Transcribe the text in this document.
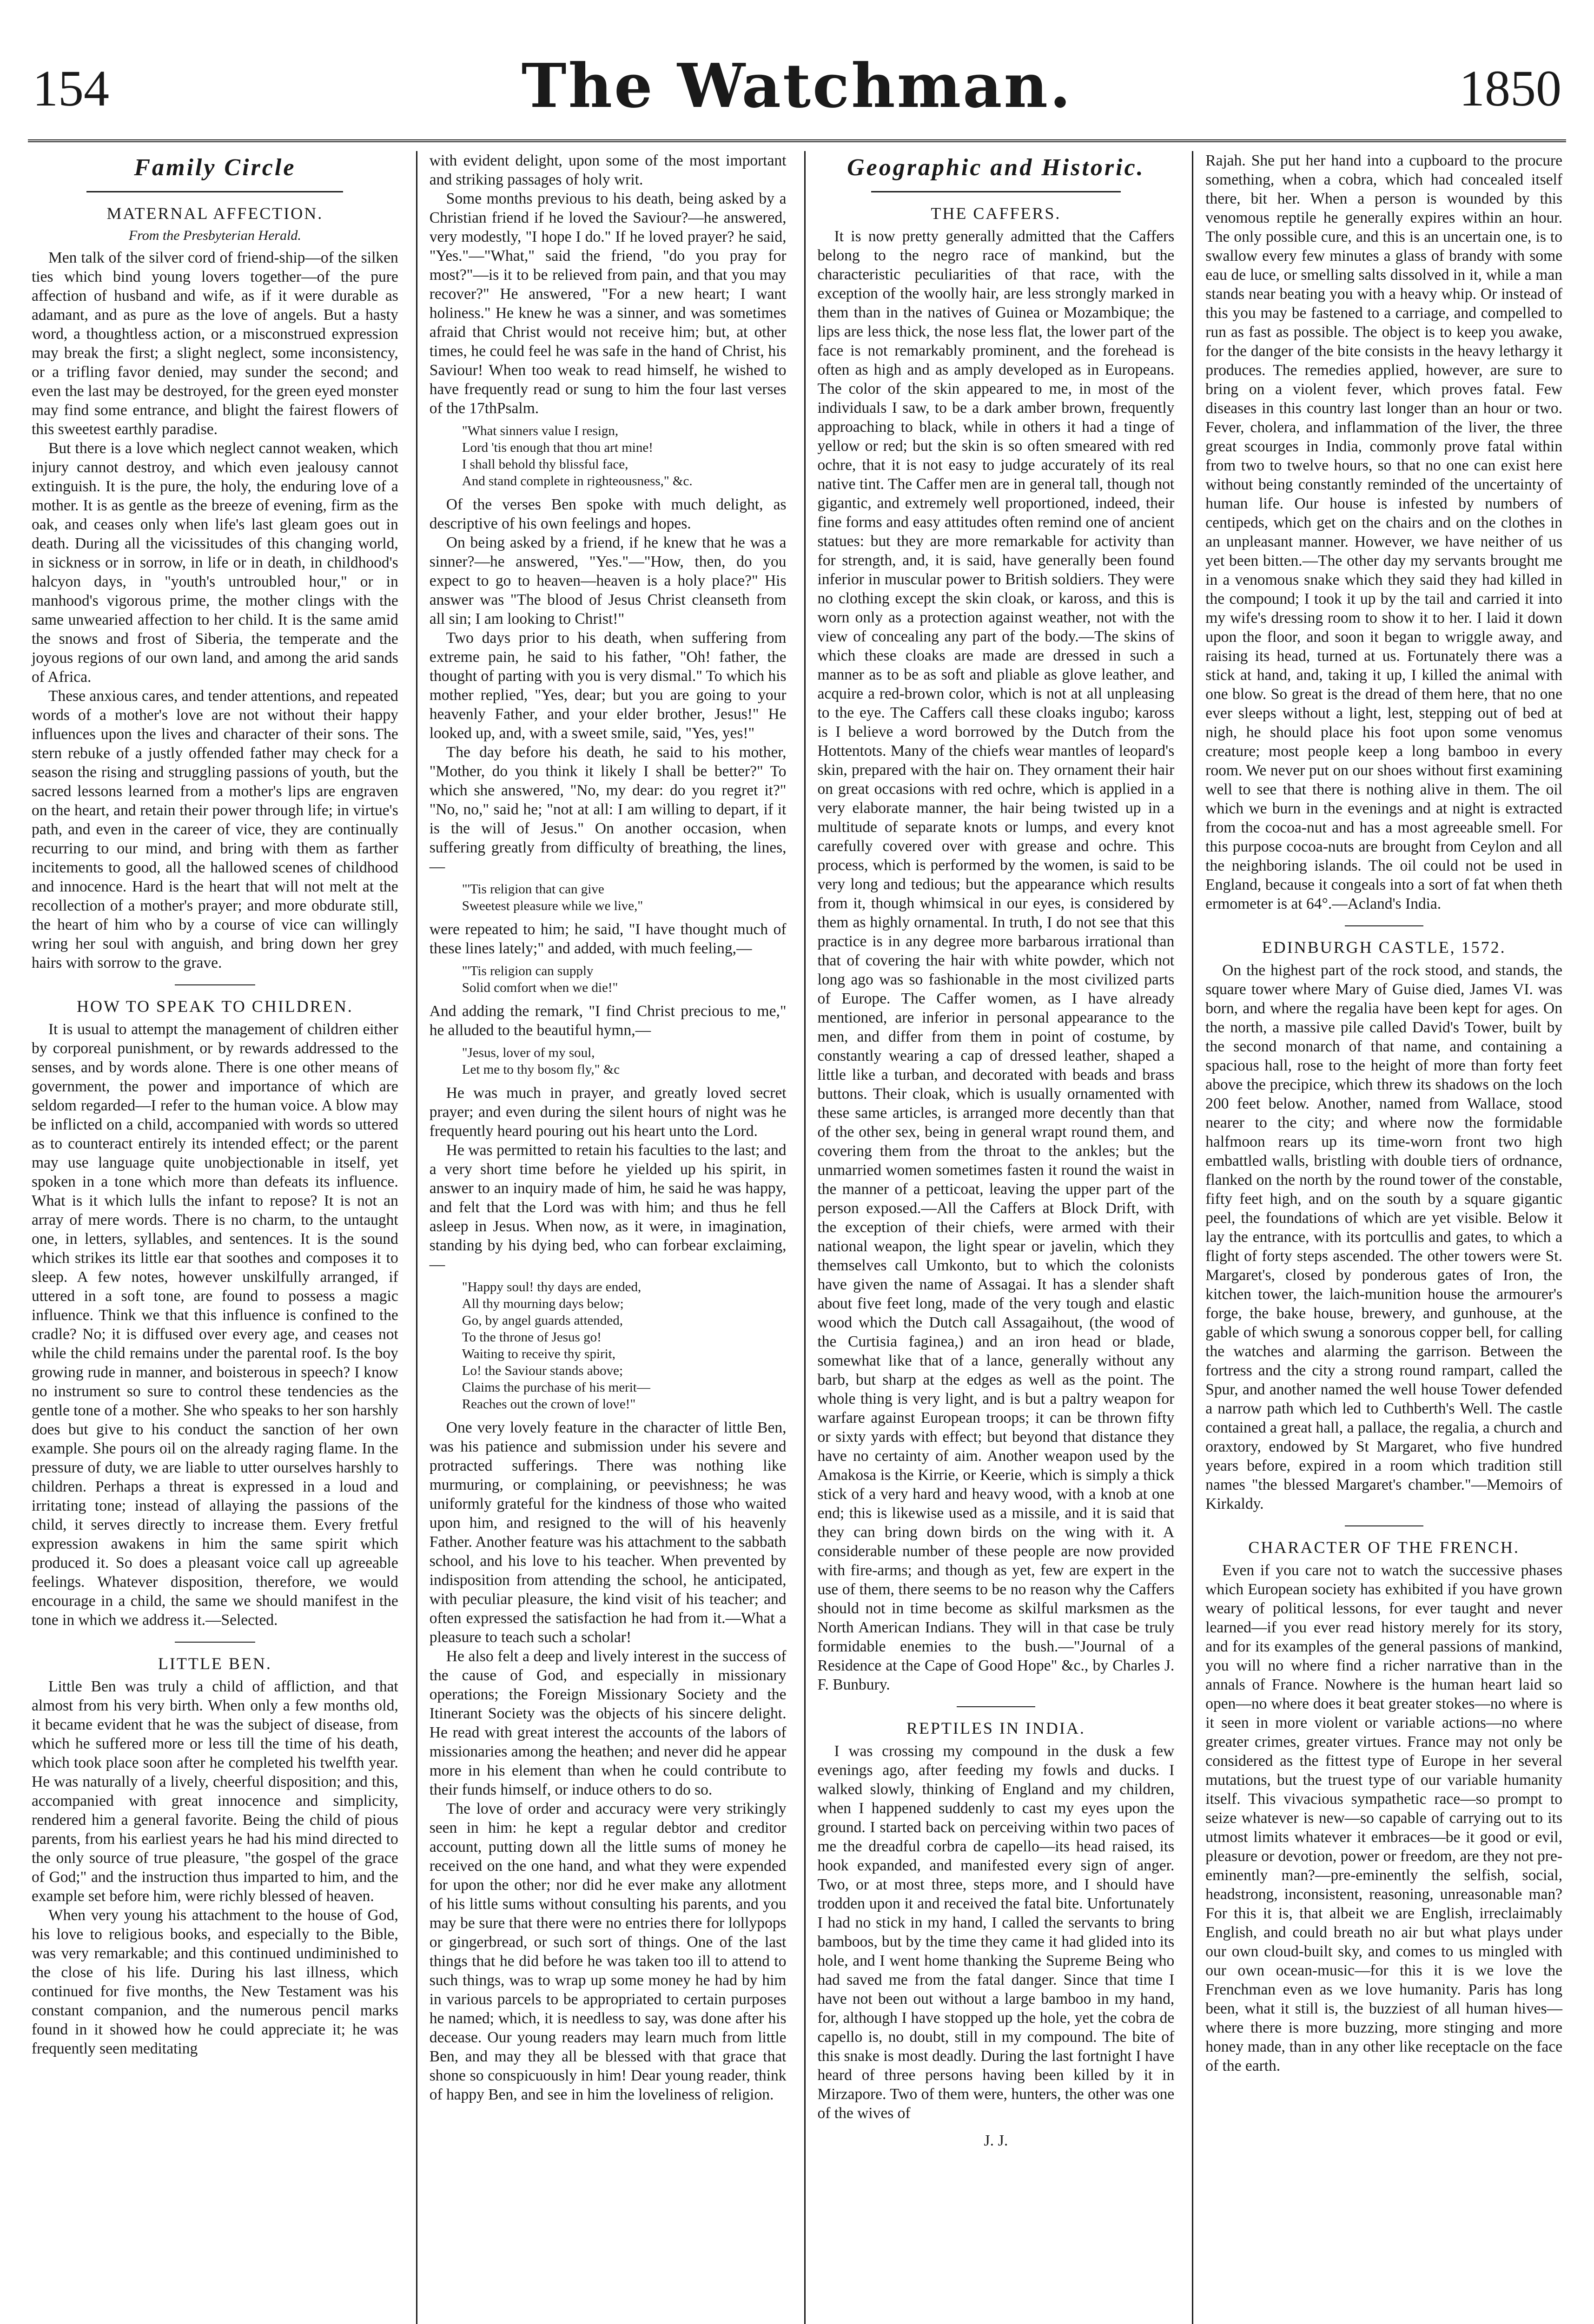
154	The Watchman.	1850
Family Circle
MATERNAL AFFECTION.
From the Presbyterian Herald.

Men talk of the silver cord of friend-ship—of the silken ties which bind young lovers together—of the pure affection of husband and wife, as if it were durable as adamant, and as pure as the love of angels. But a hasty word, a thoughtless action, or a misconstrued expression may break the first; a slight neglect, some inconsistency, or a trifling favor denied, may sunder the second; and even the last may be destroyed, for the green eyed monster may find some entrance, and blight the fairest flowers of this sweetest earthly paradise.

But there is a love which neglect cannot weaken, which injury cannot destroy, and which even jealousy cannot extinguish. It is the pure, the holy, the enduring love of a mother. It is as gentle as the breeze of evening, firm as the oak, and ceases only when life's last gleam goes out in death. During all the vicissitudes of this changing world, in sickness or in sorrow, in life or in death, in childhood's halcyon days, in "youth's untroubled hour," or in manhood's vigorous prime, the mother clings with the same unwearied affection to her child. It is the same amid the snows and frost of Siberia, the temperate and the joyous regions of our own land, and among the arid sands of Africa.

These anxious cares, and tender attentions, and repeated words of a mother's love are not without their happy influences upon the lives and character of their sons. The stern rebuke of a justly offended father may check for a season the rising and struggling passions of youth, but the sacred lessons learned from a mother's lips are engraven on the heart, and retain their power through life; in virtue's path, and even in the career of vice, they are continually recurring to our mind, and bring with them as farther incitements to good, all the hallowed scenes of childhood and innocence. Hard is the heart that will not melt at the recollection of a mother's prayer; and more obdurate still, the heart of him who by a course of vice can willingly wring her soul with anguish, and bring down her grey hairs with sorrow to the grave.

HOW TO SPEAK TO CHILDREN.

It is usual to attempt the management of children either by corporeal punishment, or by rewards addressed to the senses, and by words alone. There is one other means of government, the power and importance of which are seldom regarded—I refer to the human voice. A blow may be inflicted on a child, accompanied with words so uttered as to counteract entirely its intended effect; or the parent may use language quite unobjectionable in itself, yet spoken in a tone which more than defeats its influence. What is it which lulls the infant to repose? It is not an array of mere words. There is no charm, to the untaught one, in letters, syllables, and sentences. It is the sound which strikes its little ear that soothes and composes it to sleep. A few notes, however unskilfully arranged, if uttered in a soft tone, are found to possess a magic influence. Think we that this influence is confined to the cradle? No; it is diffused over every age, and ceases not while the child remains under the parental roof. Is the boy growing rude in manner, and boisterous in speech? I know no instrument so sure to control these tendencies as the gentle tone of a mother. She who speaks to her son harshly does but give to his conduct the sanction of her own example. She pours oil on the already raging flame. In the pressure of duty, we are liable to utter ourselves harshly to children. Perhaps a threat is expressed in a loud and irritating tone; instead of allaying the passions of the child, it serves directly to increase them. Every fretful expression awakens in him the same spirit which produced it. So does a pleasant voice call up agreeable feelings. Whatever disposition, therefore, we would encourage in a child, the same we should manifest in the tone in which we address it.—Selected.

LITTLE BEN.

Little Ben was truly a child of affliction, and that almost from his very birth. When only a few months old, it became evident that he was the subject of disease, from which he suffered more or less till the time of his death, which took place soon after he completed his twelfth year. He was naturally of a lively, cheerful disposition; and this, accompanied with great innocence and simplicity, rendered him a general favorite. Being the child of pious parents, from his earliest years he had his mind directed to the only source of true pleasure, "the gospel of the grace of God;" and the instruction thus imparted to him, and the example set before him, were richly blessed of heaven.

When very young his attachment to the house of God, his love to religious books, and especially to the Bible, was very remarkable; and this continued undiminished to the close of his life. During his last illness, which continued for five months, the New Testament was his constant companion, and the numerous pencil marks found in it showed how he could appreciate it; he was frequently seen meditating

with evident delight, upon some of the most important and striking passages of holy writ.

Some months previous to his death, being asked by a Christian friend if he loved the Saviour?—he answered, very modestly, "I hope I do." If he loved prayer? he said, "Yes."—"What," said the friend, "do you pray for most?"—is it to be relieved from pain, and that you may recover?" He answered, "For a new heart; I want holiness." He knew he was a sinner, and was sometimes afraid that Christ would not receive him; but, at other times, he could feel he was safe in the hand of Christ, his Saviour! When too weak to read himself, he wished to have frequently read or sung to him the four last verses of the 17thPsalm.

"What sinners value I resign,
Lord 'tis enough that thou art mine!
I shall behold thy blissful face,
And stand complete in righteousness," &c.

Of the verses Ben spoke with much delight, as descriptive of his own feelings and hopes.

On being asked by a friend, if he knew that he was a sinner?—he answered, "Yes."—"How, then, do you expect to go to heaven—heaven is a holy place?" His answer was "The blood of Jesus Christ cleanseth from all sin; I am looking to Christ!"

Two days prior to his death, when suffering from extreme pain, he said to his father, "Oh! father, the thought of parting with you is very dismal." To which his mother replied, "Yes, dear; but you are going to your heavenly Father, and your elder brother, Jesus!" He looked up, and, with a sweet smile, said, "Yes, yes!"

The day before his death, he said to his mother, "Mother, do you think it likely I shall be better?" To which she answered, "No, my dear: do you regret it?" "No, no," said he; "not at all: I am willing to depart, if it is the will of Jesus." On another occasion, when suffering greatly from difficulty of breathing, the lines,—

"'Tis religion that can give
Sweetest pleasure while we live,"

were repeated to him; he said, "I have thought much of these lines lately;" and added, with much feeling,—

"'Tis religion can supply
Solid comfort when we die!"

And adding the remark, "I find Christ precious to me," he alluded to the beautiful hymn,—

"Jesus, lover of my soul,
Let me to thy bosom fly," &c

He was much in prayer, and greatly loved secret prayer; and even during the silent hours of night was he frequently heard pouring out his heart unto the Lord.

He was permitted to retain his faculties to the last; and a very short time before he yielded up his spirit, in answer to an inquiry made of him, he said he was happy, and felt that the Lord was with him; and thus he fell asleep in Jesus. When now, as it were, in imagination, standing by his dying bed, who can forbear exclaiming,—

"Happy soul! thy days are ended,
All thy mourning days below;
Go, by angel guards attended,
To the throne of Jesus go!
Waiting to receive thy spirit,
Lo! the Saviour stands above;
Claims the purchase of his merit—
Reaches out the crown of love!"

One very lovely feature in the character of little Ben, was his patience and submission under his severe and protracted sufferings. There was nothing like murmuring, or complaining, or peevishness; he was uniformly grateful for the kindness of those who waited upon him, and resigned to the will of his heavenly Father. Another feature was his attachment to the sabbath school, and his love to his teacher. When prevented by indisposition from attending the school, he anticipated, with peculiar pleasure, the kind visit of his teacher; and often expressed the satisfaction he had from it.—What a pleasure to teach such a scholar!

He also felt a deep and lively interest in the success of the cause of God, and especially in missionary operations; the Foreign Missionary Society and the Itinerant Society was the objects of his sincere delight. He read with great interest the accounts of the labors of missionaries among the heathen; and never did he appear more in his element than when he could contribute to their funds himself, or induce others to do so.

The love of order and accuracy were very strikingly seen in him: he kept a regular debtor and creditor account, putting down all the little sums of money he received on the one hand, and what they were expended for upon the other; nor did he ever make any allotment of his little sums without consulting his parents, and you may be sure that there were no entries there for lollypops or gingerbread, or such sort of things. One of the last things that he did before he was taken too ill to attend to such things, was to wrap up some money he had by him in various parcels to be appropriated to certain purposes he named; which, it is needless to say, was done after his decease. Our young readers may learn much from little Ben, and may they all be blessed with that grace that shone so conspicuously in him! Dear young reader, think of happy Ben, and see in him the loveliness of religion.

Geographic and Historic.
THE CAFFERS.

It is now pretty generally admitted that the Caffers belong to the negro race of mankind, but the characteristic peculiarities of that race, with the exception of the woolly hair, are less strongly marked in them than in the natives of Guinea or Mozambique; the lips are less thick, the nose less flat, the lower part of the face is not remarkably prominent, and the forehead is often as high and as amply developed as in Europeans. The color of the skin appeared to me, in most of the individuals I saw, to be a dark amber brown, frequently approaching to black, while in others it had a tinge of yellow or red; but the skin is so often smeared with red ochre, that it is not easy to judge accurately of its real native tint. The Caffer men are in general tall, though not gigantic, and extremely well proportioned, indeed, their fine forms and easy attitudes often remind one of ancient statues: but they are more remarkable for activity than for strength, and, it is said, have generally been found inferior in muscular power to British soldiers. They were no clothing except the skin cloak, or kaross, and this is worn only as a protection against weather, not with the view of concealing any part of the body.—The skins of which these cloaks are made are dressed in such a manner as to be as soft and pliable as glove leather, and acquire a red-brown color, which is not at all unpleasing to the eye. The Caffers call these cloaks ingubo; kaross is I believe a word borrowed by the Dutch from the Hottentots. Many of the chiefs wear mantles of leopard's skin, prepared with the hair on. They ornament their hair on great occasions with red ochre, which is applied in a very elaborate manner, the hair being twisted up in a multitude of separate knots or lumps, and every knot carefully covered over with grease and ochre. This process, which is performed by the women, is said to be very long and tedious; but the appearance which results from it, though whimsical in our eyes, is considered by them as highly ornamental. In truth, I do not see that this practice is in any degree more barbarous irrational than that of covering the hair with white powder, which not long ago was so fashionable in the most civilized parts of Europe. The Caffer women, as I have already mentioned, are inferior in personal appearance to the men, and differ from them in point of costume, by constantly wearing a cap of dressed leather, shaped a little like a turban, and decorated with beads and brass buttons. Their cloak, which is usually ornamented with these same articles, is arranged more decently than that of the other sex, being in general wrapt round them, and covering them from the throat to the ankles; but the unmarried women sometimes fasten it round the waist in the manner of a petticoat, leaving the upper part of the person exposed.—All the Caffers at Block Drift, with the exception of their chiefs, were armed with their national weapon, the light spear or javelin, which they themselves call Umkonto, but to which the colonists have given the name of Assagai. It has a slender shaft about five feet long, made of the very tough and elastic wood which the Dutch call Assagaihout, (the wood of the Curtisia faginea,) and an iron head or blade, somewhat like that of a lance, generally without any barb, but sharp at the edges as well as the point. The whole thing is very light, and is but a paltry weapon for warfare against European troops; it can be thrown fifty or sixty yards with effect; but beyond that distance they have no certainty of aim. Another weapon used by the Amakosa is the Kirrie, or Keerie, which is simply a thick stick of a very hard and heavy wood, with a knob at one end; this is likewise used as a missile, and it is said that they can bring down birds on the wing with it. A considerable number of these people are now provided with fire-arms; and though as yet, few are expert in the use of them, there seems to be no reason why the Caffers should not in time become as skilful marksmen as the North American Indians. They will in that case be truly formidable enemies to the bush.—"Journal of a Residence at the Cape of Good Hope" &c., by Charles J. F. Bunbury.

REPTILES IN INDIA.

I was crossing my compound in the dusk a few evenings ago, after feeding my fowls and ducks. I walked slowly, thinking of England and my children, when I happened suddenly to cast my eyes upon the ground. I started back on perceiving within two paces of me the dreadful corbra de capello—its head raised, its hook expanded, and manifested every sign of anger. Two, or at most three, steps more, and I should have trodden upon it and received the fatal bite. Unfortunately I had no stick in my hand, I called the servants to bring bamboos, but by the time they came it had glided into its hole, and I went home thanking the Supreme Being who had saved me from the fatal danger. Since that time I have not been out without a large bamboo in my hand, for, although I have stopped up the hole, yet the cobra de capello is, no doubt, still in my compound. The bite of this snake is most deadly. During the last fortnight I have heard of three persons having been killed by it in Mirzapore. Two of them were, hunters, the other was one of the wives of

J. J.

Rajah. She put her hand into a cupboard to the procure something, when a cobra, which had concealed itself there, bit her. When a person is wounded by this venomous reptile he generally expires within an hour. The only possible cure, and this is an uncertain one, is to swallow every few minutes a glass of brandy with some eau de luce, or smelling salts dissolved in it, while a man stands near beating you with a heavy whip. Or instead of this you may be fastened to a carriage, and compelled to run as fast as possible. The object is to keep you awake, for the danger of the bite consists in the heavy lethargy it produces. The remedies applied, however, are sure to bring on a violent fever, which proves fatal. Few diseases in this country last longer than an hour or two. Fever, cholera, and inflammation of the liver, the three great scourges in India, commonly prove fatal within from two to twelve hours, so that no one can exist here without being constantly reminded of the uncertainty of human life. Our house is infested by numbers of centipeds, which get on the chairs and on the clothes in an unpleasant manner. However, we have neither of us yet been bitten.—The other day my servants brought me in a venomous snake which they said they had killed in the compound; I took it up by the tail and carried it into my wife's dressing room to show it to her. I laid it down upon the floor, and soon it began to wriggle away, and raising its head, turned at us. Fortunately there was a stick at hand, and, taking it up, I killed the animal with one blow. So great is the dread of them here, that no one ever sleeps without a light, lest, stepping out of bed at nigh, he should place his foot upon some venomus creature; most people keep a long bamboo in every room. We never put on our shoes without first examining well to see that there is nothing alive in them. The oil which we burn in the evenings and at night is extracted from the cocoa-nut and has a most agreeable smell. For this purpose cocoa-nuts are brought from Ceylon and all the neighboring islands. The oil could not be used in England, because it congeals into a sort of fat when theth ermometer is at 64°.—Acland's India.

EDINBURGH CASTLE, 1572.

On the highest part of the rock stood, and stands, the square tower where Mary of Guise died, James VI. was born, and where the regalia have been kept for ages. On the north, a massive pile called David's Tower, built by the second monarch of that name, and containing a spacious hall, rose to the height of more than forty feet above the precipice, which threw its shadows on the loch 200 feet below. Another, named from Wallace, stood nearer to the city; and where now the formidable halfmoon rears up its time-worn front two high embattled walls, bristling with double tiers of ordnance, flanked on the north by the round tower of the constable, fifty feet high, and on the south by a square gigantic peel, the foundations of which are yet visible. Below it lay the entrance, with its portcullis and gates, to which a flight of forty steps ascended. The other towers were St. Margaret's, closed by ponderous gates of Iron, the kitchen tower, the laich-munition house the armourer's forge, the bake house, brewery, and gunhouse, at the gable of which swung a sonorous copper bell, for calling the watches and alarming the garrison. Between the fortress and the city a strong round rampart, called the Spur, and another named the well house Tower defended a narrow path which led to Cuthberth's Well. The castle contained a great hall, a pallace, the regalia, a church and oraxtory, endowed by St Margaret, who five hundred years before, expired in a room which tradition still names "the blessed Margaret's chamber."—Memoirs of Kirkaldy.

CHARACTER OF THE FRENCH.

Even if you care not to watch the successive phases which European society has exhibited if you have grown weary of political lessons, for ever taught and never learned—if you ever read history merely for its story, and for its examples of the general passions of mankind, you will no where find a richer narrative than in the annals of France. Nowhere is the human heart laid so open—no where does it beat greater stokes—no where is it seen in more violent or variable actions—no where greater crimes, greater virtues. France may not only be considered as the fittest type of Europe in her several mutations, but the truest type of our variable humanity itself. This vivacious sympathetic race—so prompt to seize whatever is new—so capable of carrying out to its utmost limits whatever it embraces—be it good or evil, pleasure or devotion, power or freedom, are they not pre-eminently man?—pre-eminently the selfish, social, headstrong, inconsistent, reasoning, unreasonable man? For this it is, that albeit we are English, irreclaimably English, and could breath no air but what plays under our own cloud-built sky, and comes to us mingled with our own ocean-music—for this it is we love the Frenchman even as we love humanity. Paris has long been, what it still is, the buzziest of all human hives—where there is more buzzing, more stinging and more honey made, than in any other like receptacle on the face of the earth.
